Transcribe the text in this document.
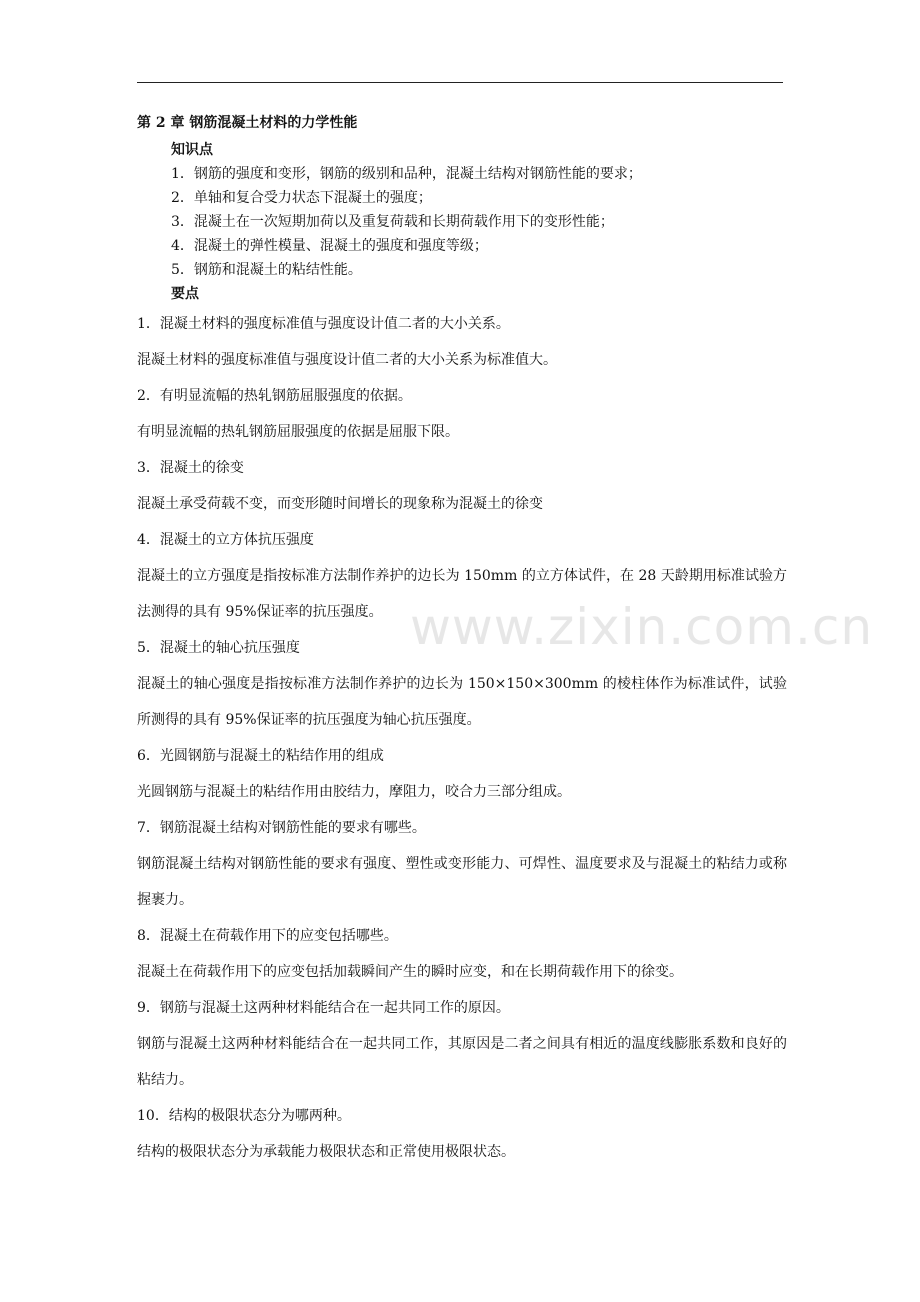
第 2 章 钢筋混凝土材料的力学性能
知识点
1．钢筋的强度和变形，钢筋的级别和品种，混凝土结构对钢筋性能的要求；
2．单轴和复合受力状态下混凝土的强度；
3．混凝土在一次短期加荷以及重复荷载和长期荷载作用下的变形性能；
4．混凝土的弹性模量、混凝土的强度和强度等级；
5．钢筋和混凝土的粘结性能。
要点
1．混凝土材料的强度标准值与强度设计值二者的大小关系。
混凝土材料的强度标准值与强度设计值二者的大小关系为标准值大。
2．有明显流幅的热轧钢筋屈服强度的依据。
有明显流幅的热轧钢筋屈服强度的依据是屈服下限。
3．混凝土的徐变
混凝土承受荷载不变，而变形随时间增长的现象称为混凝土的徐变
4．混凝土的立方体抗压强度
混凝土的立方强度是指按标准方法制作养护的边长为 150mm 的立方体试件，在 28 天龄期用标准试验方法测得的具有 95%保证率的抗压强度。
5．混凝土的轴心抗压强度
混凝土的轴心强度是指按标准方法制作养护的边长为 150×150×300mm 的棱柱体作为标准试件，试验所测得的具有 95%保证率的抗压强度为轴心抗压强度。
6．光圆钢筋与混凝土的粘结作用的组成
光圆钢筋与混凝土的粘结作用由胶结力，摩阻力，咬合力三部分组成。
7．钢筋混凝土结构对钢筋性能的要求有哪些。
钢筋混凝土结构对钢筋性能的要求有强度、塑性或变形能力、可焊性、温度要求及与混凝土的粘结力或称握裹力。
8．混凝土在荷载作用下的应变包括哪些。
混凝土在荷载作用下的应变包括加载瞬间产生的瞬时应变，和在长期荷载作用下的徐变。
9．钢筋与混凝土这两种材料能结合在一起共同工作的原因。
钢筋与混凝土这两种材料能结合在一起共同工作，其原因是二者之间具有相近的温度线膨胀系数和良好的粘结力。
10．结构的极限状态分为哪两种。
结构的极限状态分为承载能力极限状态和正常使用极限状态。
www.zixin.com.cn
